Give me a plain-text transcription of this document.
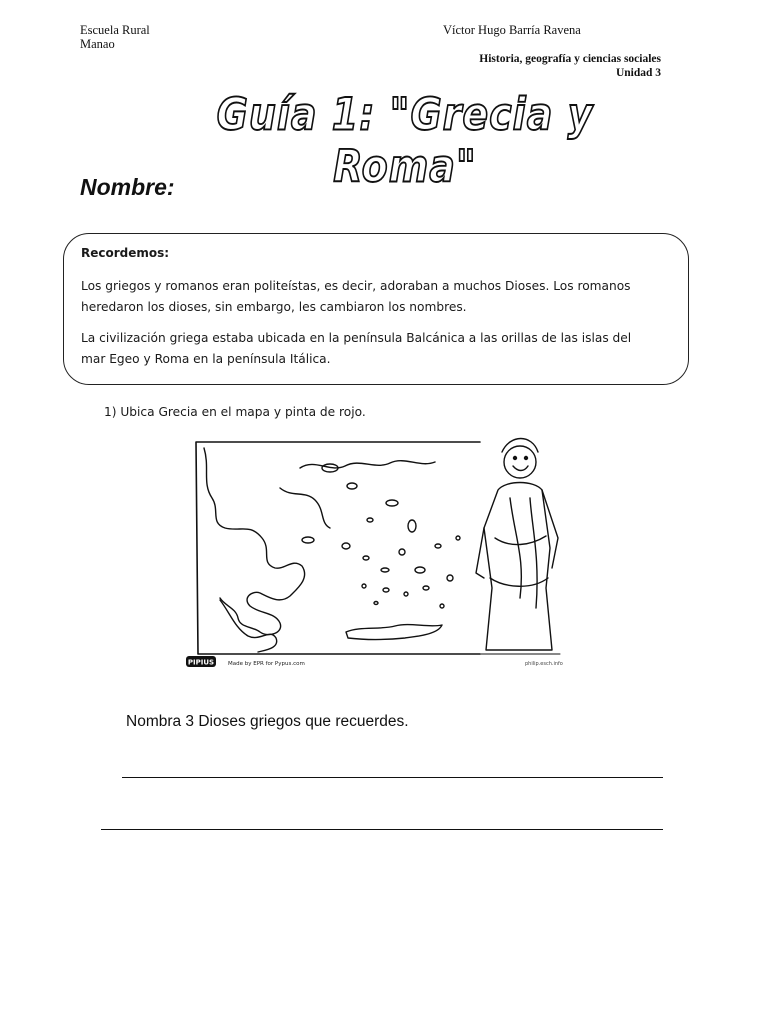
Escuela Rural
Manao
Víctor Hugo Barría Ravena
Historia, geografía y ciencias sociales
Unidad 3
Guía 1: "Grecia y Roma"
Nombre:
Recordemos:
Los griegos y romanos eran politeístas, es decir, adoraban a muchos Dioses. Los romanos heredaron los dioses, sin embargo, les cambiaron los nombres.
La civilización griega estaba ubicada en la península Balcánica a las orillas de las islas del mar Egeo y Roma en la península Itálica.
1) Ubica Grecia en el mapa y pinta de rojo.
PIPIUS	Made by EPR for Pypus.com	philip.esch.info
Nombra 3 Dioses griegos que recuerdes.
